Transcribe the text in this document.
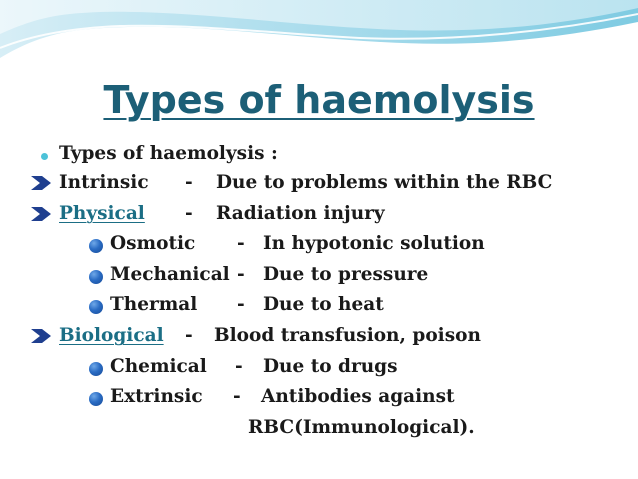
Types of haemolysis
Types of haemolysis :
Intrinsic - Due to problems within the RBC
Physical - Radiation injury
Osmotic - In hypotonic solution
Mechanical - Due to pressure
Thermal - Due to heat
Biological - Blood transfusion, poison
Chemical - Due to drugs
Extrinsic - Antibodies against
RBC(Immunological).
